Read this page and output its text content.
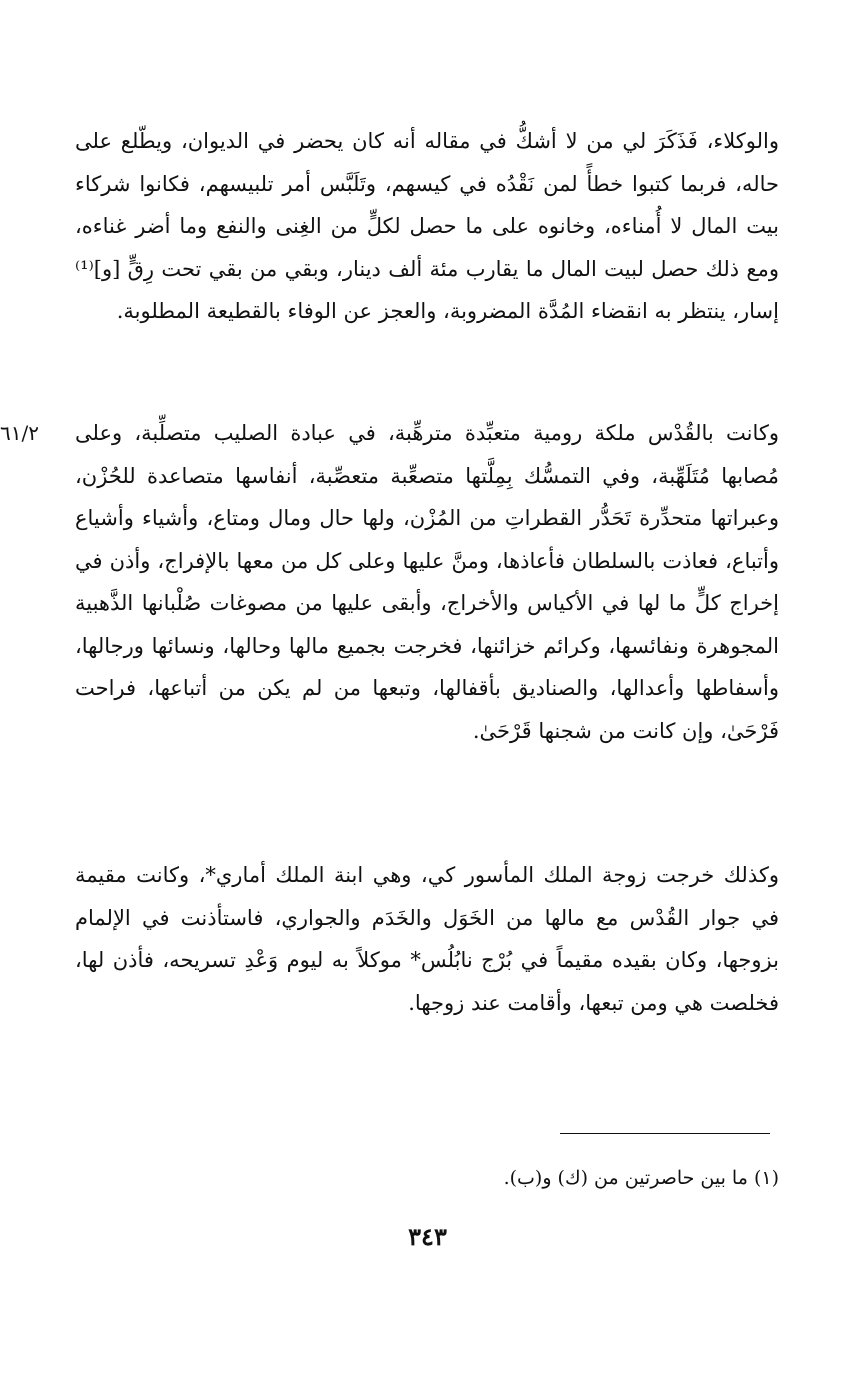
والوكلاء، فَذَكَرَ لي من لا أشكُّ في مقاله أنه كان يحضر في الديوان، ويطّلع على حاله، فربما كتبوا خطأً لمن نَقْدُه في كيسهم، وتَلَبَّس أمر تلبيسهم، فكانوا شركاء بيت المال لا أُمناءه، وخانوه على ما حصل لكلٍّ من الغِنى والنفع وما أضر غناءه، ومع ذلك حصل لبيت المال ما يقارب مئة ألف دينار، وبقي من بقي تحت رِقٍّ [و]⁽¹⁾ إسار، ينتظر به انقضاء المُدَّة المضروبة، والعجز عن الوفاء بالقطيعة المطلوبة.

٦١/٢	وكانت بالقُدْس ملكة رومية متعبِّدة مترهِّبة، في عبادة الصليب متصلِّبة، وعلى مُصابها مُتَلَهِّبة، وفي التمسُّك بِمِلَّتها متصعِّبة متعصِّبة، أنفاسها متصاعدة للحُزْن، وعبراتها متحدِّرة تَحَدُّر القطراتِ من المُزْن، ولها حال ومال ومتاع، وأشياء وأشياع وأتباع، فعاذت بالسلطان فأعاذها، ومنَّ عليها وعلى كل من معها بالإفراج، وأذن في إخراج كلٍّ ما لها في الأكياس والأخراج، وأبقى عليها من مصوغات صُلْبانها الذَّهبية المجوهرة ونفائسها، وكرائم خزائنها، فخرجت بجميع مالها وحالها، ونسائها ورجالها، وأسفاطها وأعدالها، والصناديق بأقفالها، وتبعها من لم يكن من أتباعها، فراحت فَرْحَىٰ، وإن كانت من شجنها قَرْحَىٰ.

وكذلك خرجت زوجة الملك المأسور كي، وهي ابنة الملك أماري*، وكانت مقيمة في جوار القُدْس مع مالها من الخَوَل والخَدَم والجواري، فاستأذنت في الإلمام بزوجها، وكان بقيده مقيماً في بُرْج نابُلُس* موكلاً به ليوم وَعْدِ تسريحه، فأذن لها، فخلصت هي ومن تبعها، وأقامت عند زوجها.

(١) ما بين حاصرتين من (ك) و(ب).
٣٤٣
